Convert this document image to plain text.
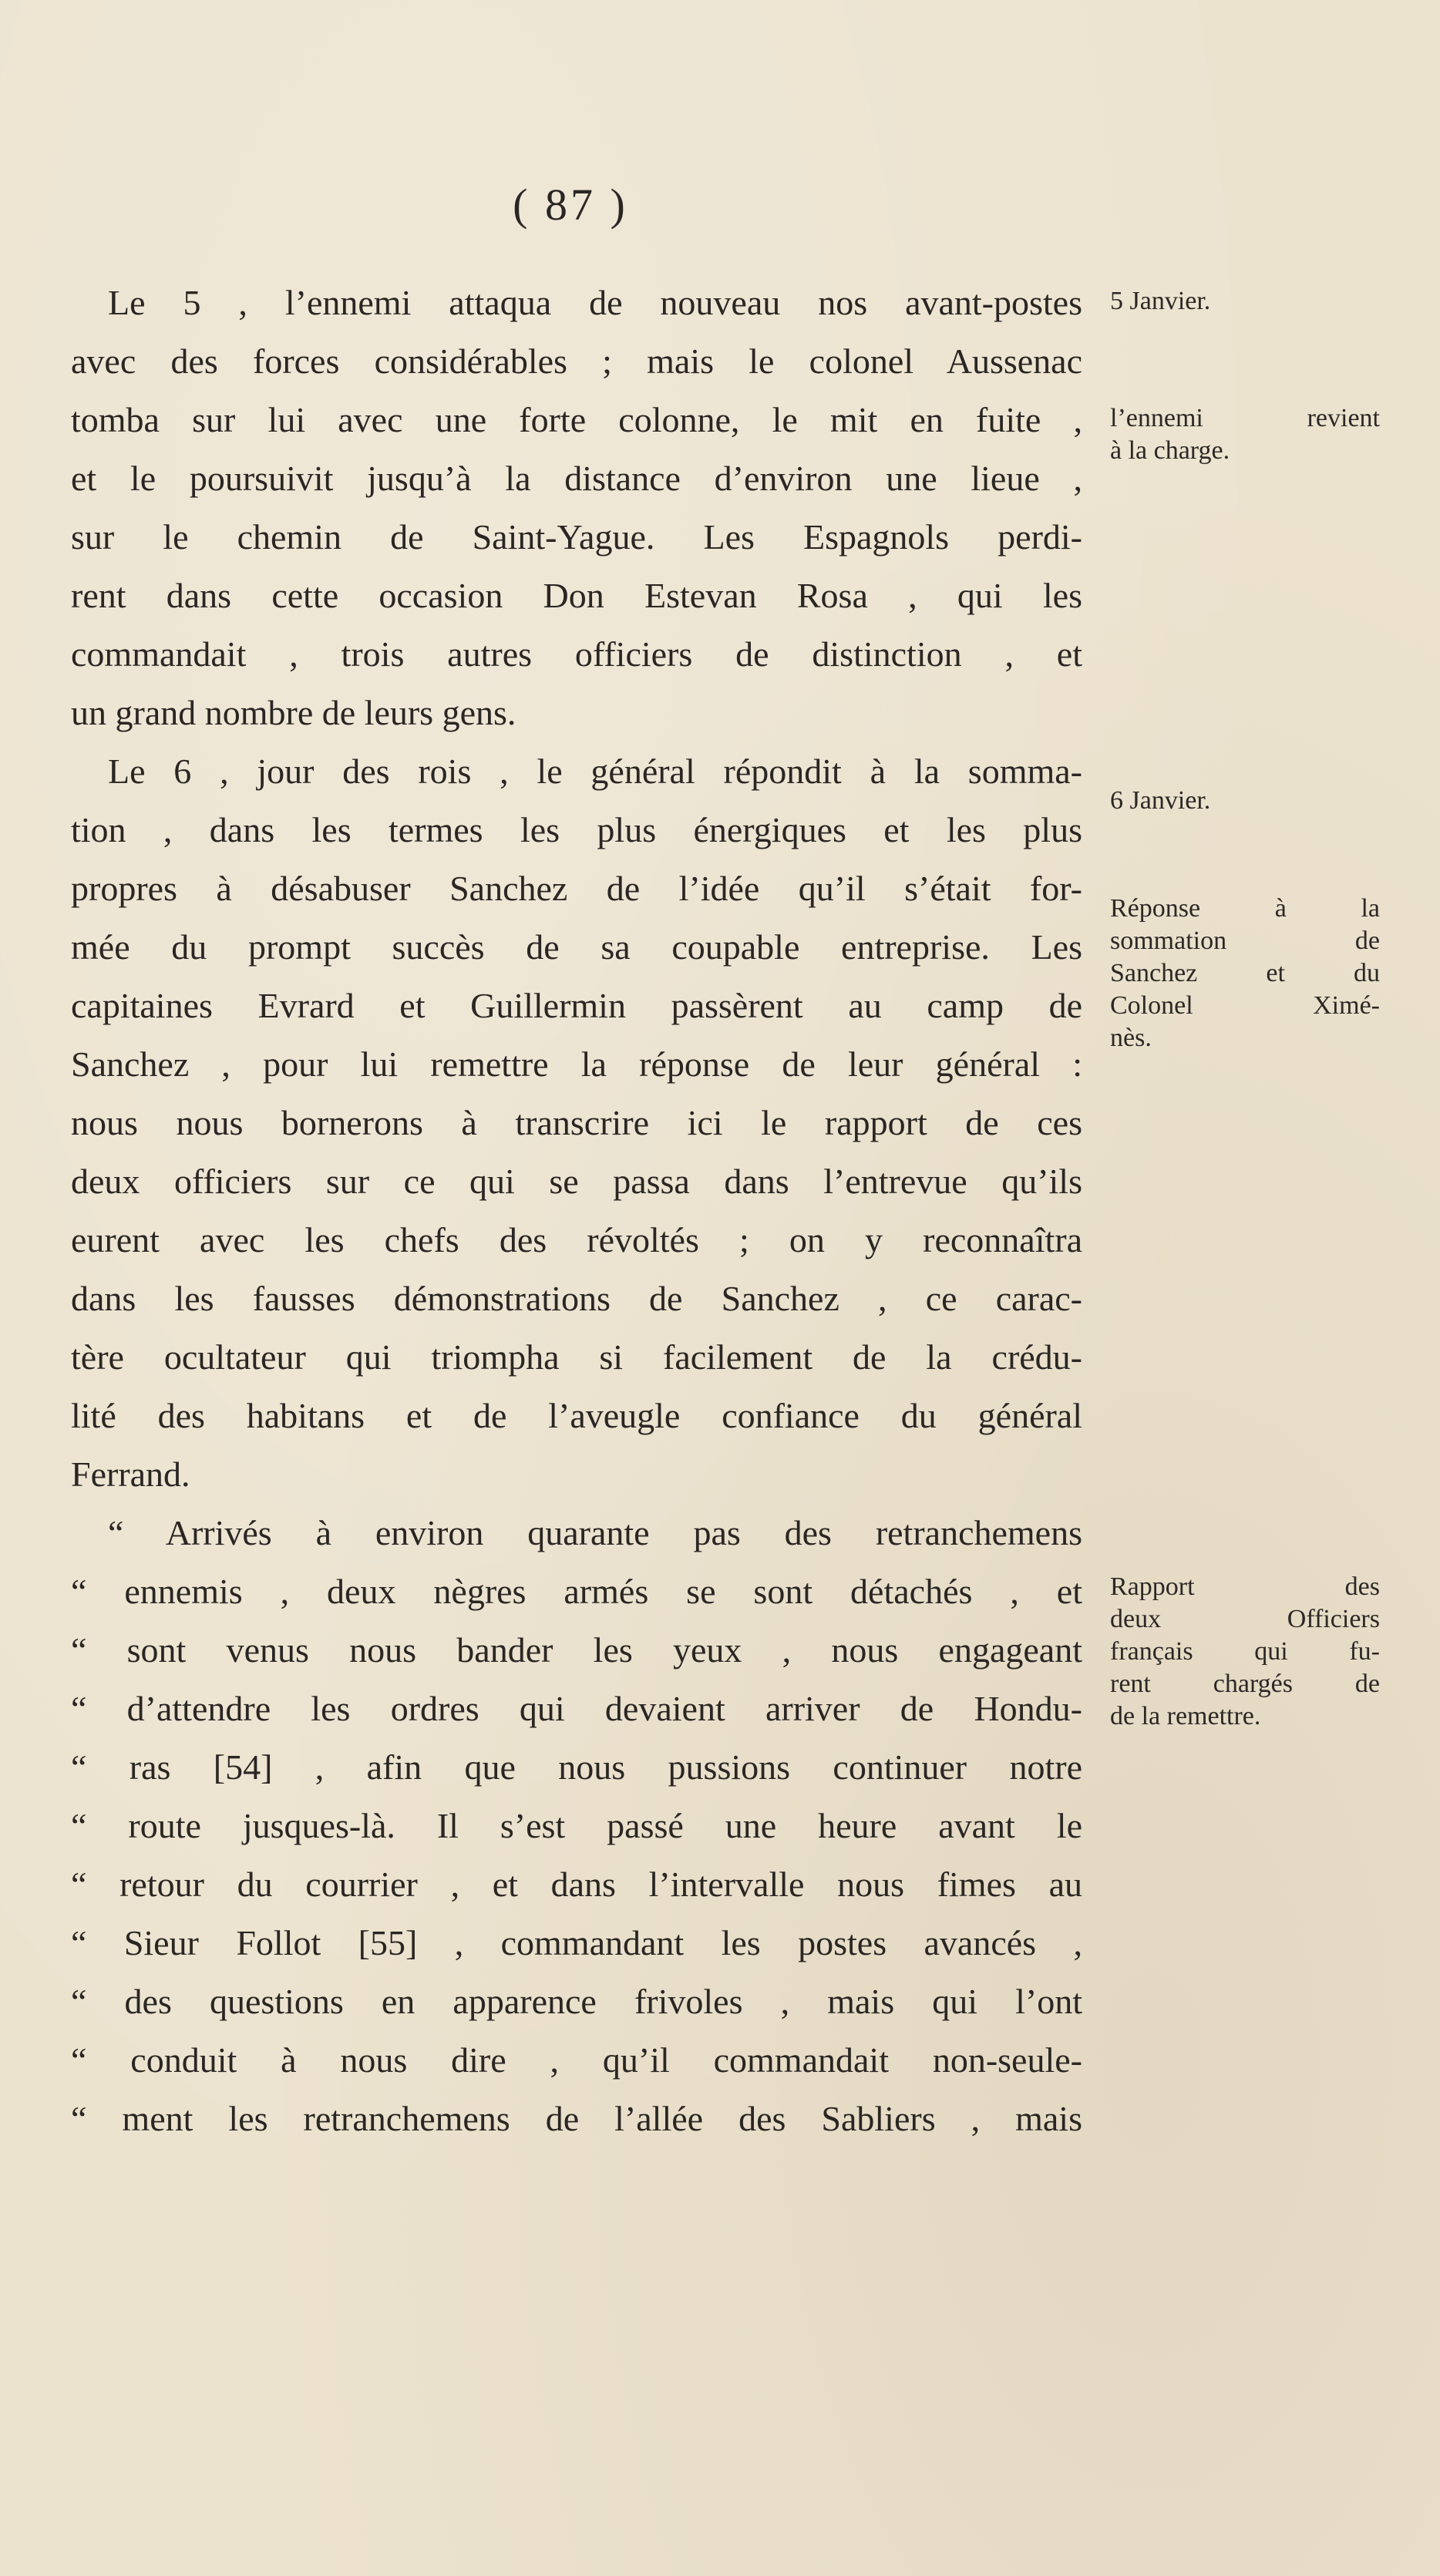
( 87 )
Le 5 , l’ennemi attaqua de nouveau nos avant-postes
avec des forces considérables ; mais le colonel Aussenac
tomba sur lui avec une forte colonne, le mit en fuite ,
et le poursuivit jusqu’à la distance d’environ une lieue ,
sur le chemin de Saint-Yague. Les Espagnols perdi-
rent dans cette occasion Don Estevan Rosa , qui les
commandait , trois autres officiers de distinction , et
un grand nombre de leurs gens.
Le 6 , jour des rois , le général répondit à la somma-
tion , dans les termes les plus énergiques et les plus
propres à désabuser Sanchez de l’idée qu’il s’était for-
mée du prompt succès de sa coupable entreprise. Les
capitaines Evrard et Guillermin passèrent au camp de
Sanchez , pour lui remettre la réponse de leur général :
nous nous bornerons à transcrire ici le rapport de ces
deux officiers sur ce qui se passa dans l’entrevue qu’ils
eurent avec les chefs des révoltés ; on y reconnaîtra
dans les fausses démonstrations de Sanchez , ce carac-
tère ocultateur qui triompha si facilement de la crédu-
lité des habitans et de l’aveugle confiance du général
Ferrand.
“ Arrivés à environ quarante pas des retranchemens
“ ennemis , deux nègres armés se sont détachés , et
“ sont venus nous bander les yeux , nous engageant
“ d’attendre les ordres qui devaient arriver de Hondu-
“ ras [54] , afin que nous pussions continuer notre
“ route jusques-là. Il s’est passé une heure avant le
“ retour du courrier , et dans l’intervalle nous fimes au
“ Sieur Follot [55] , commandant les postes avancés ,
“ des questions en apparence frivoles , mais qui l’ont
“ conduit à nous dire , qu’il commandait non-seule-
“ ment les retranchemens de l’allée des Sabliers , mais
5 Janvier.
l’ennemi revient
à la charge.
6 Janvier.
Réponse à la
sommation de
Sanchez et du
Colonel Ximé-
nès.
Rapport des
deux Officiers
français qui fu-
rent chargés de
de la remettre.
